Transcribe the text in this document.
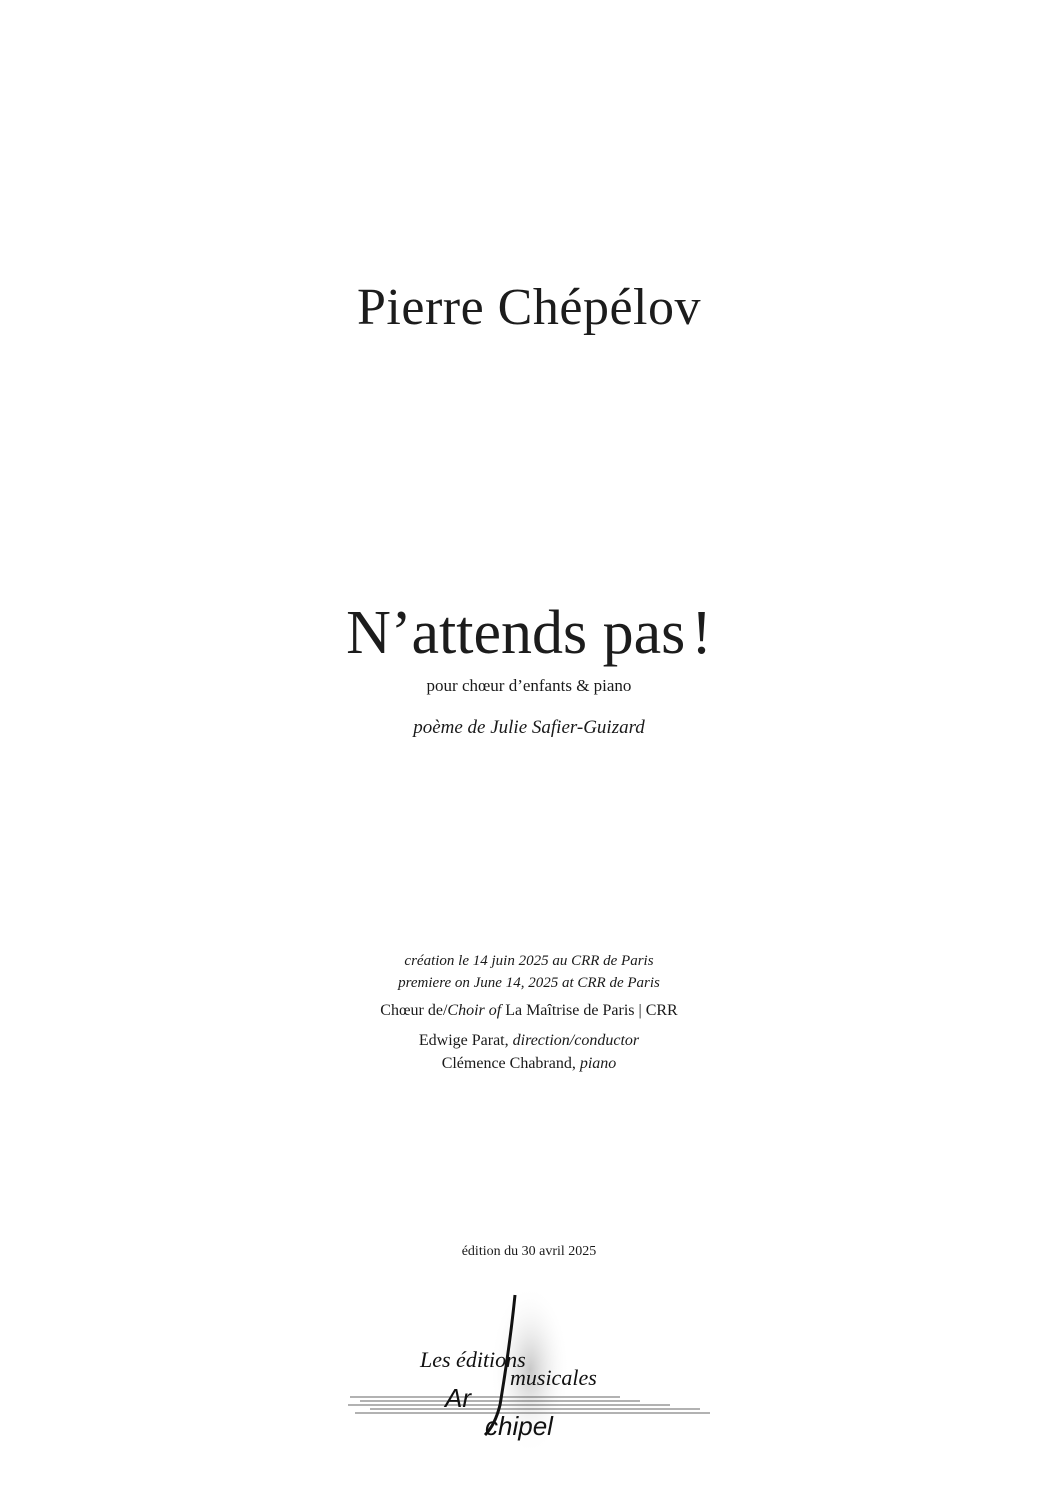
Pierre Chépélov
N’attends pas!
pour chœur d’enfants & piano
poème de Julie Safier-Guizard
création le 14 juin 2025 au CRR de Paris
premiere on June 14, 2025 at CRR de Paris
Chœur de/Choir of La Maîtrise de Paris | CRR
Edwige Parat, direction/conductor
Clémence Chabrand, piano
édition du 30 avril 2025
Les éditions
musicales
Ar
chipel
